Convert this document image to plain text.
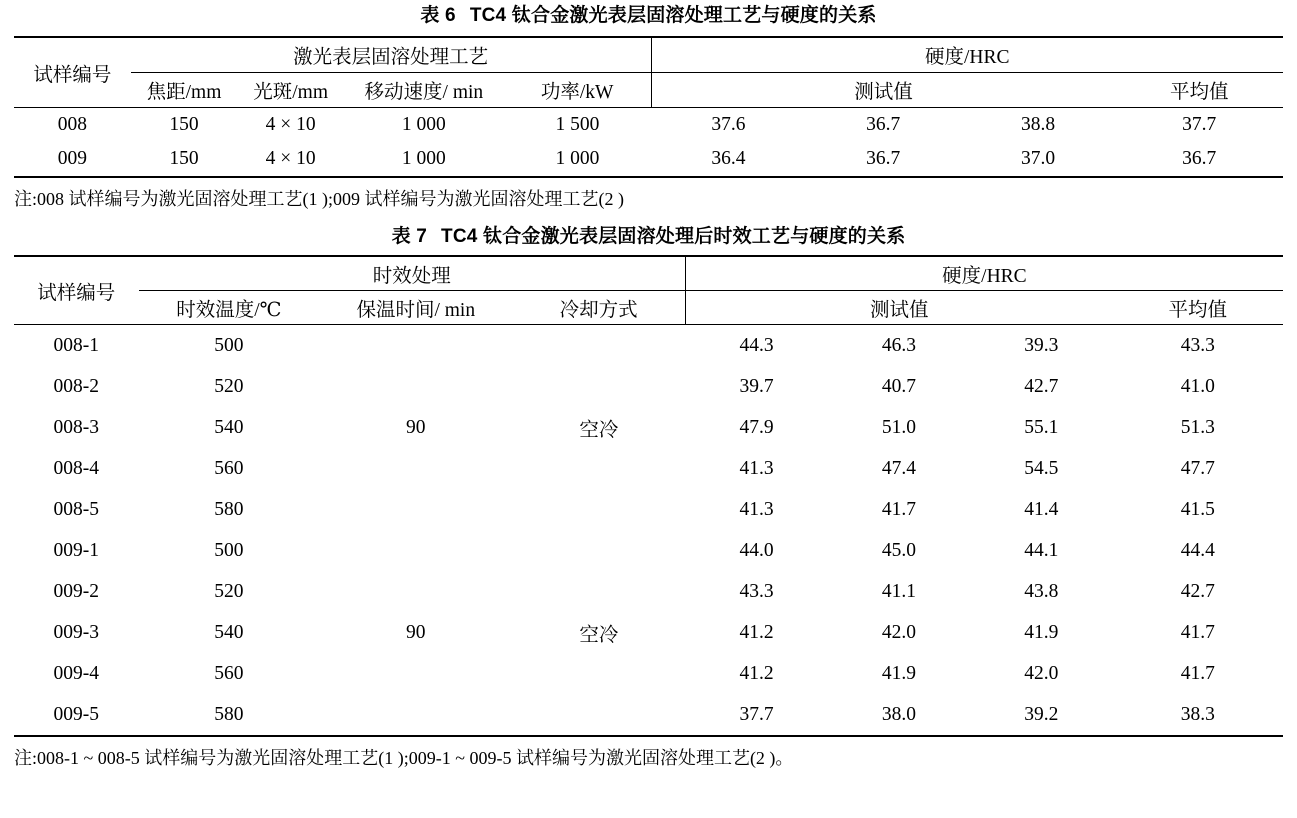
表 6 TC4 钛合金激光表层固溶处理工艺与硬度的关系
试样编号	激光表层固溶处理工艺				硬度/HRC			
	焦距/mm	光斑/mm	移动速度/ min	功率/kW	测试值			平均值
008	150	4 × 10	1 000	1 500	37.6	36.7	38.8	37.7
009	150	4 × 10	1 000	1 000	36.4	36.7	37.0	36.7
注:008 试样编号为激光固溶处理工艺(1 );009 试样编号为激光固溶处理工艺(2 )
表 7 TC4 钛合金激光表层固溶处理后时效工艺与硬度的关系
试样编号	时效处理			硬度/HRC			
	时效温度/℃	保温时间/ min	冷却方式	测试值			平均值
008-1	500			44.3	46.3	39.3	43.3
008-2	520			39.7	40.7	42.7	41.0
008-3	540	90	空冷	47.9	51.0	55.1	51.3
008-4	560			41.3	47.4	54.5	47.7
008-5	580			41.3	41.7	41.4	41.5
009-1	500			44.0	45.0	44.1	44.4
009-2	520			43.3	41.1	43.8	42.7
009-3	540	90	空冷	41.2	42.0	41.9	41.7
009-4	560			41.2	41.9	42.0	41.7
009-5	580			37.7	38.0	39.2	38.3
注:008-1 ~ 008-5 试样编号为激光固溶处理工艺(1 );009-1 ~ 009-5 试样编号为激光固溶处理工艺(2 )。
